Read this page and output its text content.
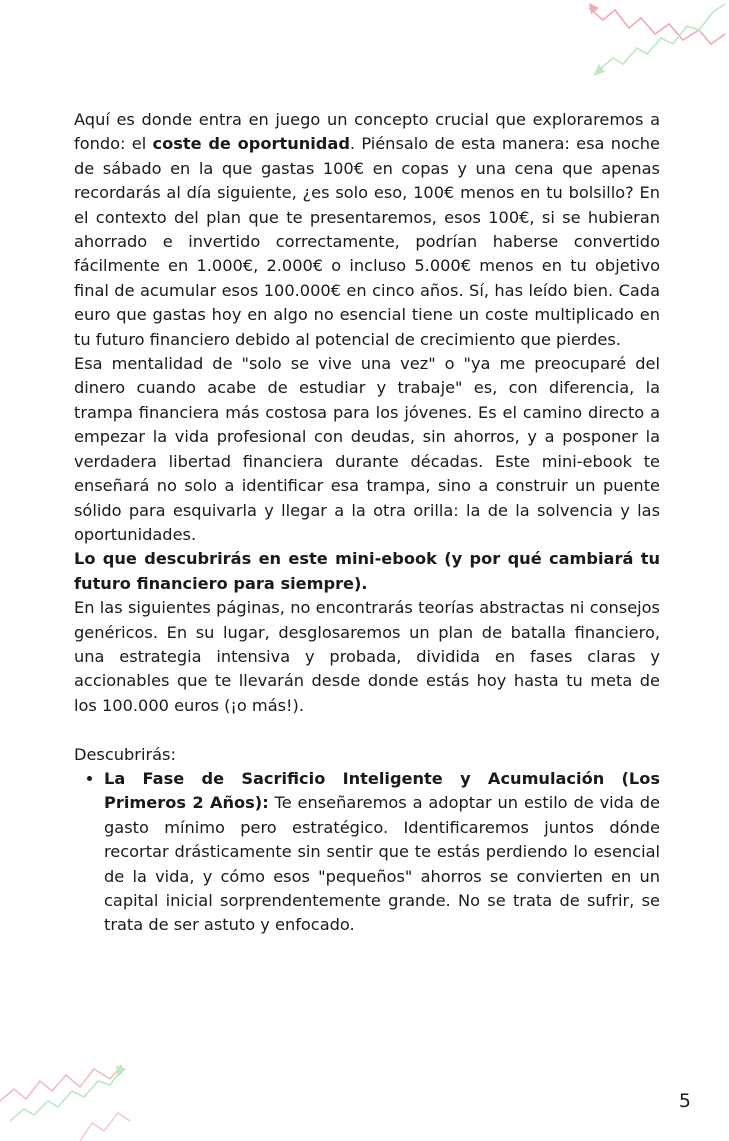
Aquí es donde entra en juego un concepto crucial que exploraremos a fondo: el coste de oportunidad. Piénsalo de esta manera: esa noche de sábado en la que gastas 100€ en copas y una cena que apenas recordarás al día siguiente, ¿es solo eso, 100€ menos en tu bolsillo? En el contexto del plan que te presentaremos, esos 100€, si se hubieran ahorrado e invertido correctamente, podrían haberse convertido fácilmente en 1.000€, 2.000€ o incluso 5.000€ menos en tu objetivo final de acumular esos 100.000€ en cinco años. Sí, has leído bien. Cada euro que gastas hoy en algo no esencial tiene un coste multiplicado en tu futuro financiero debido al potencial de crecimiento que pierdes.

Esa mentalidad de "solo se vive una vez" o "ya me preocuparé del dinero cuando acabe de estudiar y trabaje" es, con diferencia, la trampa financiera más costosa para los jóvenes. Es el camino directo a empezar la vida profesional con deudas, sin ahorros, y a posponer la verdadera libertad financiera durante décadas. Este mini-ebook te enseñará no solo a identificar esa trampa, sino a construir un puente sólido para esquivarla y llegar a la otra orilla: la de la solvencia y las oportunidades.

Lo que descubrirás en este mini-ebook (y por qué cambiará tu futuro financiero para siempre).

En las siguientes páginas, no encontrarás teorías abstractas ni consejos genéricos. En su lugar, desglosaremos un plan de batalla financiero, una estrategia intensiva y probada, dividida en fases claras y accionables que te llevarán desde donde estás hoy hasta tu meta de los 100.000 euros (¡o más!).

Descubrirás:

• La Fase de Sacrificio Inteligente y Acumulación (Los Primeros 2 Años): Te enseñaremos a adoptar un estilo de vida de gasto mínimo pero estratégico. Identificaremos juntos dónde recortar drásticamente sin sentir que te estás perdiendo lo esencial de la vida, y cómo esos "pequeños" ahorros se convierten en un capital inicial sorprendentemente grande. No se trata de sufrir, se trata de ser astuto y enfocado.
5
